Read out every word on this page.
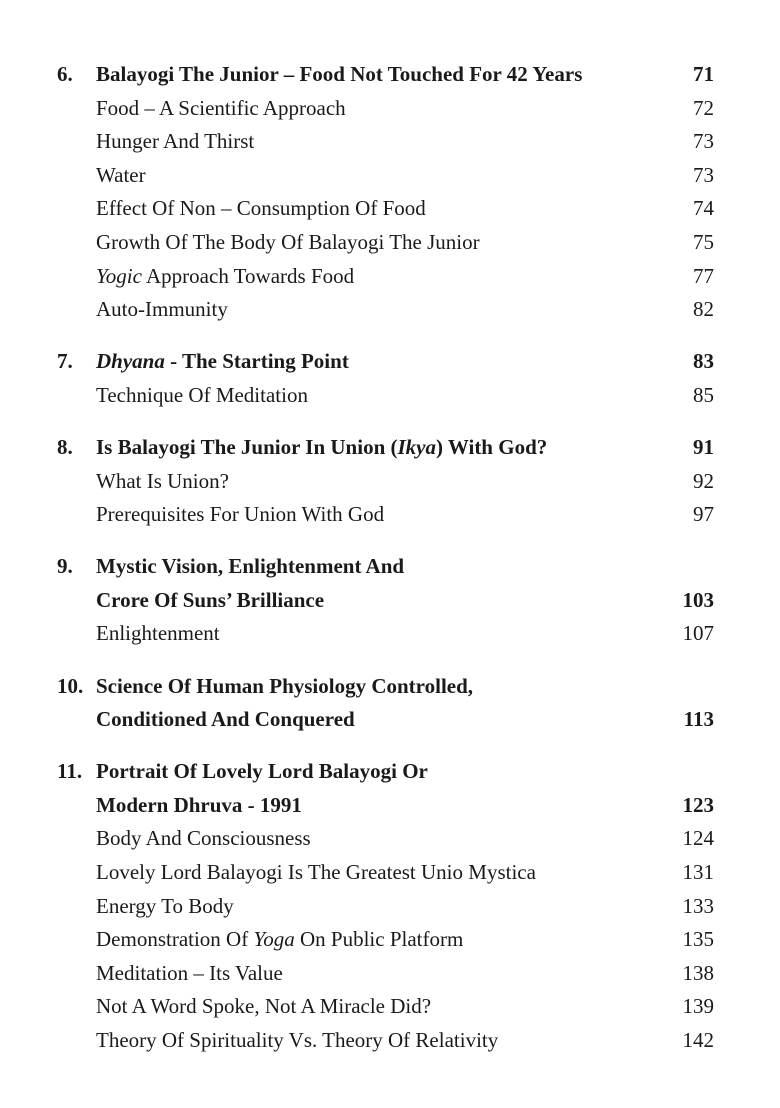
6. Balayogi The Junior – Food Not Touched For 42 Years	71
Food – A Scientific Approach	72
Hunger And Thirst	73
Water	73
Effect Of Non – Consumption Of Food	74
Growth Of The Body Of Balayogi The Junior	75
Yogic Approach Towards Food	77
Auto-Immunity	82
7. Dhyana - The Starting Point	83
Technique Of Meditation	85
8. Is Balayogi The Junior In Union (Ikya) With God?	91
What Is Union?	92
Prerequisites For Union With God	97
9. Mystic Vision, Enlightenment And
Crore Of Suns’ Brilliance	103
Enlightenment	107
10. Science Of Human Physiology Controlled,
Conditioned And Conquered	113
11. Portrait Of Lovely Lord Balayogi Or
Modern Dhruva - 1991	123
Body And Consciousness	124
Lovely Lord Balayogi Is The Greatest Unio Mystica	131
Energy To Body	133
Demonstration Of Yoga On Public Platform	135
Meditation – Its Value	138
Not A Word Spoke, Not A Miracle Did?	139
Theory Of Spirituality Vs. Theory Of Relativity	142
